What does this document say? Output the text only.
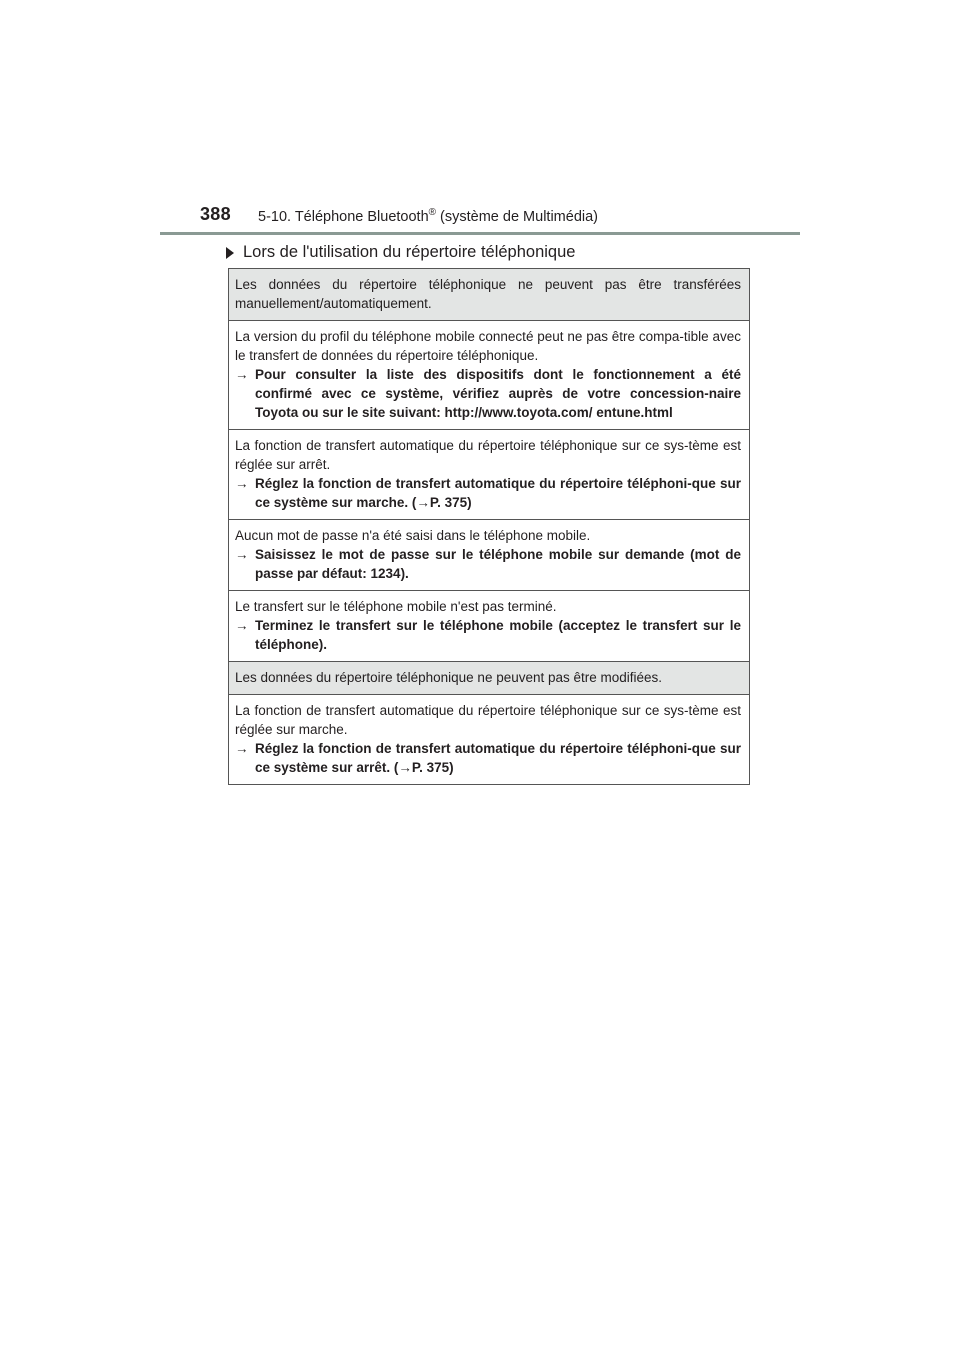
388 5-10. Téléphone Bluetooth® (système de Multimédia)
Lors de l'utilisation du répertoire téléphonique
Les données du répertoire téléphonique ne peuvent pas être transférées manuellement/automatiquement.
La version du profil du téléphone mobile connecté peut ne pas être compa-tible avec le transfert de données du répertoire téléphonique.
→ Pour consulter la liste des dispositifs dont le fonctionnement a été confirmé avec ce système, vérifiez auprès de votre concession-naire Toyota ou sur le site suivant: http://www.toyota.com/ entune.html
La fonction de transfert automatique du répertoire téléphonique sur ce sys-tème est réglée sur arrêt.
→ Réglez la fonction de transfert automatique du répertoire téléphoni-que sur ce système sur marche. (→P. 375)
Aucun mot de passe n'a été saisi dans le téléphone mobile.
→ Saisissez le mot de passe sur le téléphone mobile sur demande (mot de passe par défaut: 1234).
Le transfert sur le téléphone mobile n'est pas terminé.
→ Terminez le transfert sur le téléphone mobile (acceptez le transfert sur le téléphone).
Les données du répertoire téléphonique ne peuvent pas être modifiées.
La fonction de transfert automatique du répertoire téléphonique sur ce sys-tème est réglée sur marche.
→ Réglez la fonction de transfert automatique du répertoire téléphoni-que sur ce système sur arrêt. (→P. 375)
